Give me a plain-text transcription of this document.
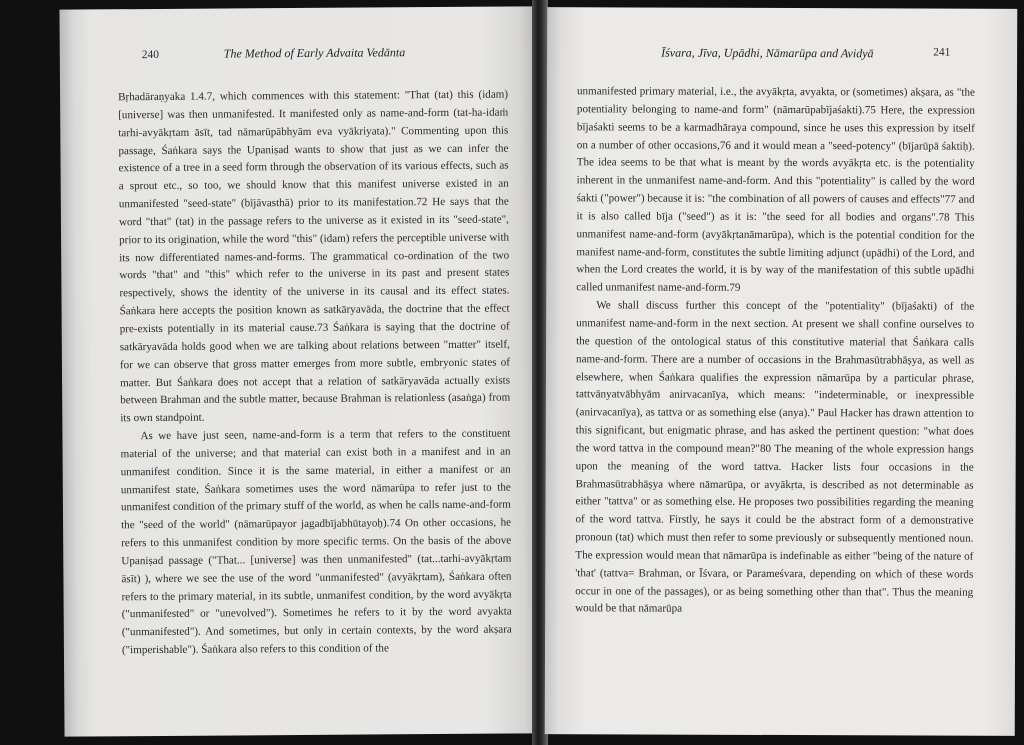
240	The Method of Early Advaita Vedānta

Bṛhadāraṇyaka 1.4.7, which commences with this statement: "That (tat) this (idam) [universe] was then unmanifested. It manifested only as name-and-form (tat-ha-idaṁ tarhi-avyākṛtam āsīt, tad nāmarūpābhyām eva vyākriyata)." Commenting upon this passage, Śaṅkara says the Upaniṣad wants to show that just as we can infer the existence of a tree in a seed form through the observation of its various effects, such as a sprout etc., so too, we should know that this manifest universe existed in an unmanifested "seed-state" (bījāvasthā) prior to its manifestation.72 He says that the word "that" (tat) in the passage refers to the universe as it existed in its "seed-state", prior to its origination, while the word "this" (idam) refers the perceptible universe with its now differentiated names-and-forms. The grammatical co-ordination of the two words "that" and "this" which refer to the universe in its past and present states respectively, shows the identity of the universe in its causal and its effect states. Śaṅkara here accepts the position known as satkāryavāda, the doctrine that the effect pre-exists potentially in its material cause.73 Śaṅkara is saying that the doctrine of satkāryavāda holds good when we are talking about relations between "matter" itself, for we can observe that gross matter emerges from more subtle, embryonic states of matter. But Śaṅkara does not accept that a relation of satkāryavāda actually exists between Brahman and the subtle matter, because Brahman is relationless (asaṅga) from its own standpoint.

As we have just seen, name-and-form is a term that refers to the constituent material of the universe; and that material can exist both in a manifest and in an unmanifest condition. Since it is the same material, in either a manifest or an unmanifest state, Śaṅkara sometimes uses the word nāmarūpa to refer just to the unmanifest condition of the primary stuff of the world, as when he calls name-and-form the "seed of the world" (nāmarūpayor jagadbījabhūtayoḥ).74 On other occasions, he refers to this unmanifest condition by more specific terms. On the basis of the above Upaniṣad passage ("That... [universe] was then unmanifested" (tat...tarhi-avyākṛtam āsīt) ), where we see the use of the word "unmanifested" (avyākṛtam), Śaṅkara often refers to the primary material, in its subtle, unmanifest condition, by the word avyākṛta ("unmanifested" or "unevolved"). Sometimes he refers to it by the word avyakta ("unmanifested"). And sometimes, but only in certain contexts, by the word akṣara ("imperishable"). Śaṅkara also refers to this condition of the

Īśvara, Jīva, Upādhi, Nāmarūpa and Avidyā	241

unmanifested primary material, i.e., the avyākṛta, avyakta, or (sometimes) akṣara, as "the potentiality belonging to name-and form" (nāmarūpabījaśakti).75 Here, the expression bījaśakti seems to be a karmadhāraya compound, since he uses this expression by itself on a number of other occasions,76 and it would mean a "seed-potency" (bījarūpā śaktiḥ). The idea seems to be that what is meant by the words avyākṛta etc. is the potentiality inherent in the unmanifest name-and-form. And this "potentiality" is called by the word śakti ("power") because it is: "the combination of all powers of causes and effects"77 and it is also called bīja ("seed") as it is: "the seed for all bodies and organs".78 This unmanifest name-and-form (avyākṛtanāmarūpa), which is the potential condition for the manifest name-and-form, constitutes the subtle limiting adjunct (upādhi) of the Lord, and when the Lord creates the world, it is by way of the manifestation of this subtle upādhi called unmanifest name-and-form.79

We shall discuss further this concept of the "potentiality" (bījaśakti) of the unmanifest name-and-form in the next section. At present we shall confine ourselves to the question of the ontological status of this constitutive material that Śaṅkara calls name-and-form. There are a number of occasions in the Brahmasūtrabhāṣya, as well as elsewhere, when Śaṅkara qualifies the expression nāmarūpa by a particular phrase, tattvānyatvābhyām anirvacanīya, which means: "indeterminable, or inexpressible (anirvacanīya), as tattva or as something else (anya)." Paul Hacker has drawn attention to this significant, but enigmatic phrase, and has asked the pertinent question: "what does the word tattva in the compound mean?"80 The meaning of the whole expression hangs upon the meaning of the word tattva. Hacker lists four occasions in the Brahmasūtrabhāṣya where nāmarūpa, or avyākṛta, is described as not determinable as either "tattva" or as something else. He proposes two possibilities regarding the meaning of the word tattva. Firstly, he says it could be the abstract form of a demonstrative pronoun (tat) which must then refer to some previously or subsequently mentioned noun. The expression would mean that nāmarūpa is indefinable as either "being of the nature of 'that' (tattva= Brahman, or Īśvara, or Parameśvara, depending on which of these words occur in one of the passages), or as being something other than that". Thus the meaning would be that nāmarūpa
